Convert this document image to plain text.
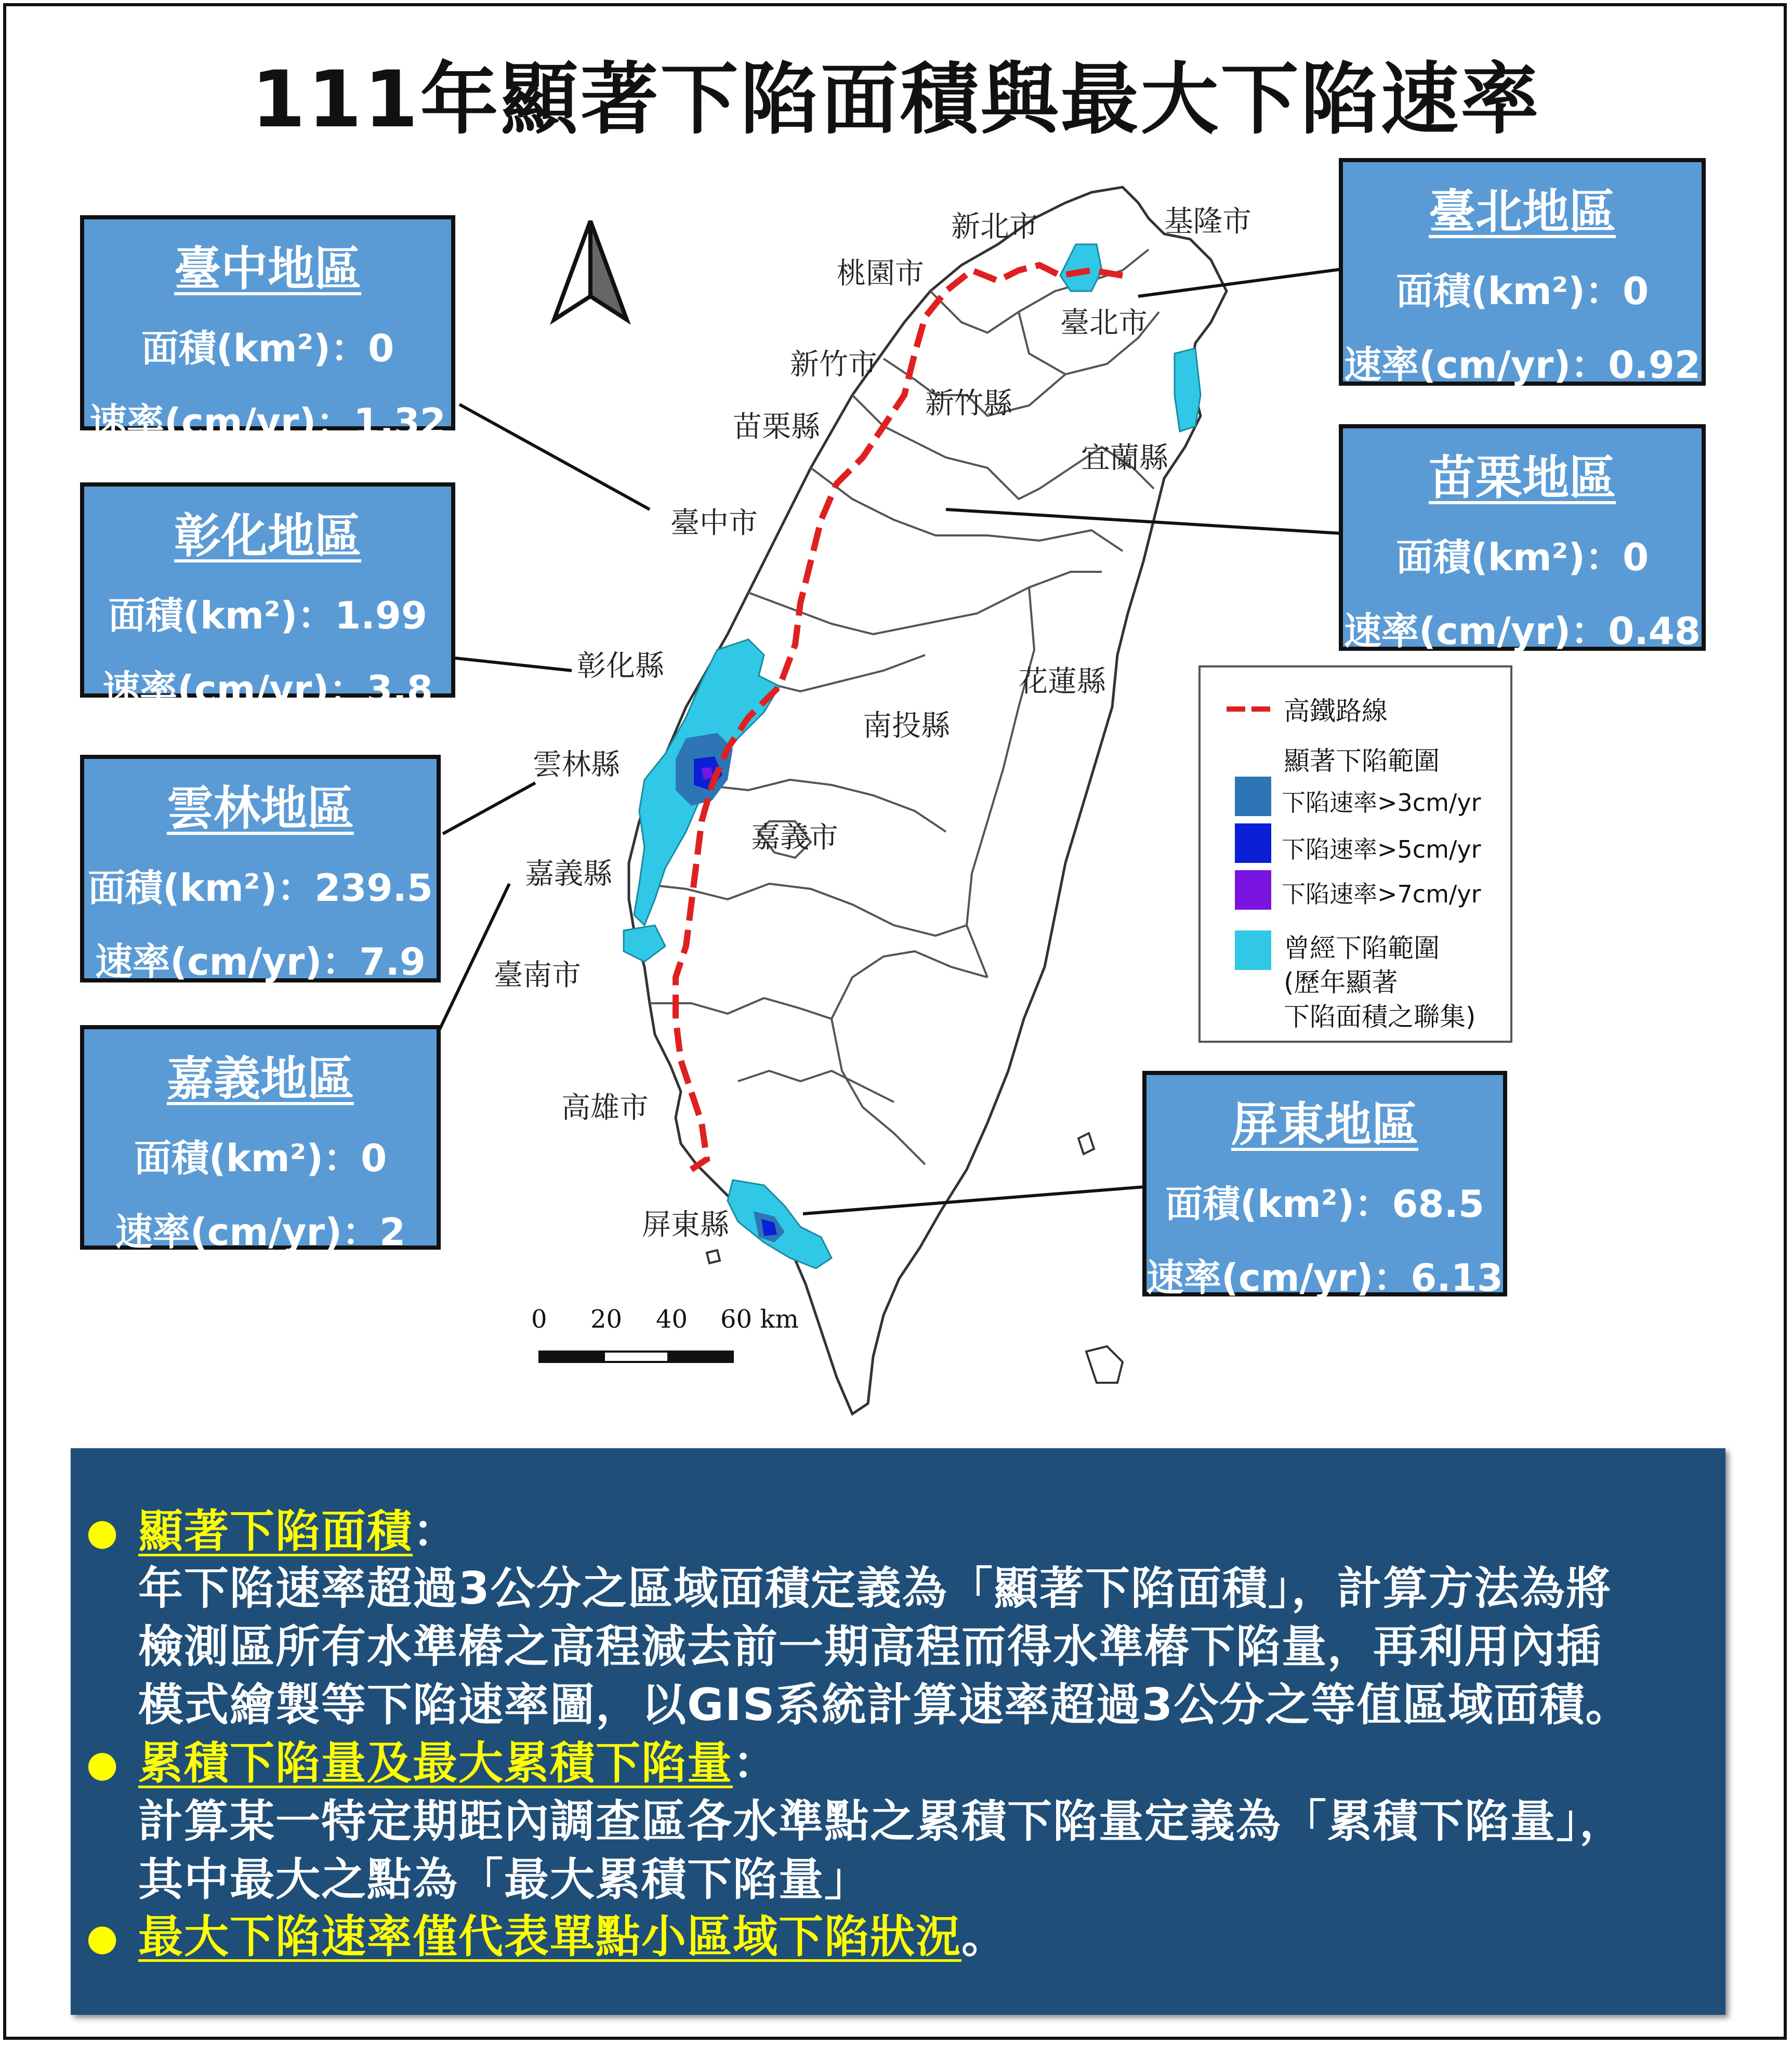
111年顯著下陷面積與最大下陷速率
新北市	基隆市
桃園市
臺北市
新竹市
新竹縣
苗栗縣
宜蘭縣
臺中市
彰化縣
南投縣
花蓮縣
雲林縣
嘉義市
嘉義縣
臺南市
高雄市
屏東縣
0 20 40 60 km
高鐵路線
顯著下陷範圍
下陷速率>3cm/yr
下陷速率>5cm/yr
下陷速率>7cm/yr
曾經下陷範圍
(歷年顯著
下陷面積之聯集)
臺中地區
面積(km²)：0
速率(cm/yr)：1.32
彰化地區
面積(km²)：1.99
速率(cm/yr)：3.8
雲林地區
面積(km²)：239.5
速率(cm/yr)：7.9
嘉義地區
面積(km²)：0
速率(cm/yr)：2
臺北地區
面積(km²)：0
速率(cm/yr)：0.92
苗栗地區
面積(km²)：0
速率(cm/yr)：0.48
屏東地區
面積(km²)：68.5
速率(cm/yr)：6.13
● 顯著下陷面積：
年下陷速率超過3公分之區域面積定義為「顯著下陷面積」，計算方法為將
檢測區所有水準樁之高程減去前一期高程而得水準樁下陷量，再利用內插
模式繪製等下陷速率圖，以GIS系統計算速率超過3公分之等值區域面積。
● 累積下陷量及最大累積下陷量：
計算某一特定期距內調查區各水準點之累積下陷量定義為「累積下陷量」，
其中最大之點為「最大累積下陷量」
● 最大下陷速率僅代表單點小區域下陷狀況。
